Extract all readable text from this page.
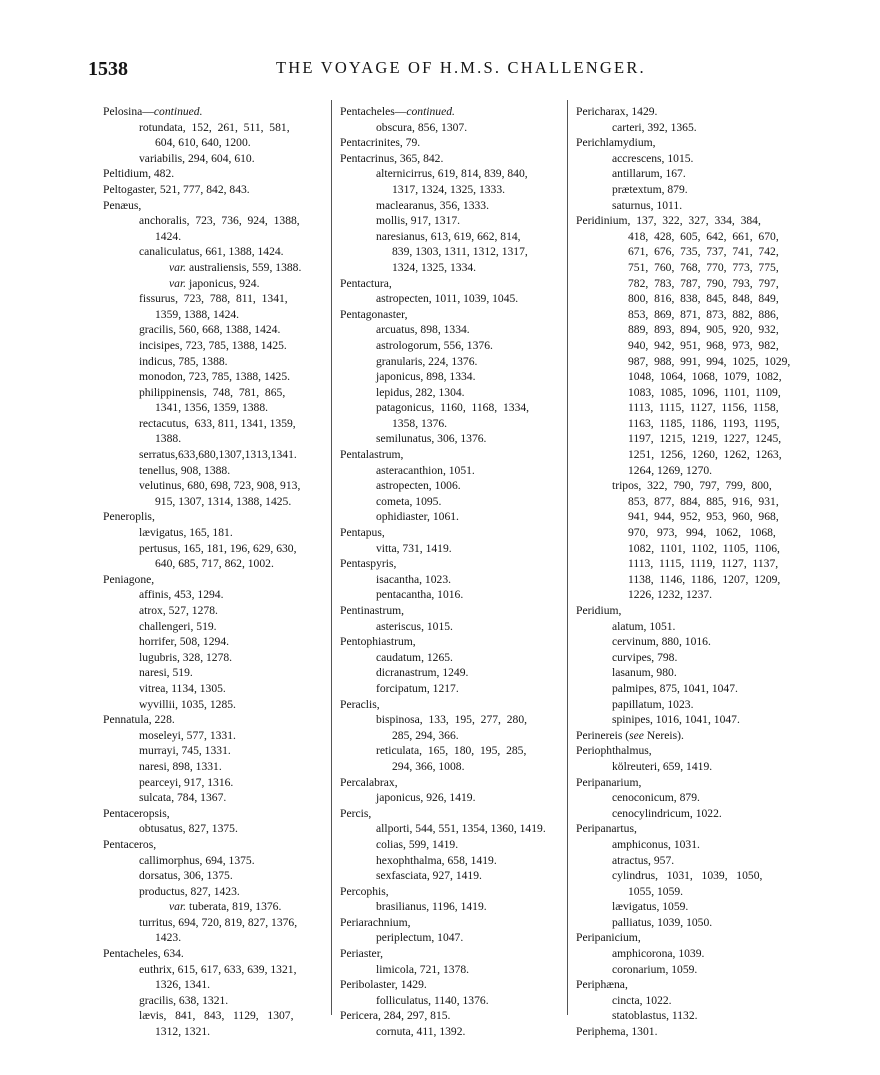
1538	THE VOYAGE OF H.M.S. CHALLENGER.
Pelosina—continued.
rotundata,  152,  261,  511,  581,
604, 610, 640, 1200.
variabilis, 294, 604, 610.
Peltidium, 482.
Peltogaster, 521, 777, 842, 843.
Penæus,
anchoralis,  723,  736,  924,  1388,
1424.
canaliculatus, 661, 1388, 1424.
var. australiensis, 559, 1388.
var. japonicus, 924.
fissurus,  723,  788,  811,  1341,
1359, 1388, 1424.
gracilis, 560, 668, 1388, 1424.
incisipes, 723, 785, 1388, 1425.
indicus, 785, 1388.
monodon, 723, 785, 1388, 1425.
philippinensis,  748,  781,  865,
1341, 1356, 1359, 1388.
rectacutus,  633, 811, 1341, 1359,
1388.
serratus,633,680,1307,1313,1341.
tenellus, 908, 1388.
velutinus, 680, 698, 723, 908, 913,
915, 1307, 1314, 1388, 1425.
Peneroplis,
lævigatus, 165, 181.
pertusus, 165, 181, 196, 629, 630,
640, 685, 717, 862, 1002.
Peniagone,
affinis, 453, 1294.
atrox, 527, 1278.
challengeri, 519.
horrifer, 508, 1294.
lugubris, 328, 1278.
naresi, 519.
vitrea, 1134, 1305.
wyvillii, 1035, 1285.
Pennatula, 228.
moseleyi, 577, 1331.
murrayi, 745, 1331.
naresi, 898, 1331.
pearceyi, 917, 1316.
sulcata, 784, 1367.
Pentaceropsis,
obtusatus, 827, 1375.
Pentaceros,
callimorphus, 694, 1375.
dorsatus, 306, 1375.
productus, 827, 1423.
var. tuberata, 819, 1376.
turritus, 694, 720, 819, 827, 1376,
1423.
Pentacheles, 634.
euthrix, 615, 617, 633, 639, 1321,
1326, 1341.
gracilis, 638, 1321.
lævis,   841,   843,   1129,   1307,
1312, 1321.
Pentacheles—continued.
obscura, 856, 1307.
Pentacrinites, 79.
Pentacrinus, 365, 842.
alternicirrus, 619, 814, 839, 840,
1317, 1324, 1325, 1333.
maclearanus, 356, 1333.
mollis, 917, 1317.
naresianus, 613, 619, 662, 814,
839, 1303, 1311, 1312, 1317,
1324, 1325, 1334.
Pentactura,
astropecten, 1011, 1039, 1045.
Pentagonaster,
arcuatus, 898, 1334.
astrologorum, 556, 1376.
granularis, 224, 1376.
japonicus, 898, 1334.
lepidus, 282, 1304.
patagonicus,  1160,  1168,  1334,
1358, 1376.
semilunatus, 306, 1376.
Pentalastrum,
asteracanthion, 1051.
astropecten, 1006.
cometa, 1095.
ophidiaster, 1061.
Pentapus,
vitta, 731, 1419.
Pentaspyris,
isacantha, 1023.
pentacantha, 1016.
Pentinastrum,
asteriscus, 1015.
Pentophiastrum,
caudatum, 1265.
dicranastrum, 1249.
forcipatum, 1217.
Peraclis,
bispinosa,  133,  195,  277,  280,
285, 294, 366.
reticulata,  165,  180,  195,  285,
294, 366, 1008.
Percalabrax,
japonicus, 926, 1419.
Percis,
allporti, 544, 551, 1354, 1360, 1419.
colias, 599, 1419.
hexophthalma, 658, 1419.
sexfasciata, 927, 1419.
Percophis,
brasilianus, 1196, 1419.
Periarachnium,
periplectum, 1047.
Periaster,
limicola, 721, 1378.
Peribolaster, 1429.
folliculatus, 1140, 1376.
Pericera, 284, 297, 815.
cornuta, 411, 1392.
Pericharax, 1429.
carteri, 392, 1365.
Perichlamydium,
accrescens, 1015.
antillarum, 167.
prætextum, 879.
saturnus, 1011.
Peridinium,  137,  322,  327,  334,  384,
418,  428,  605,  642,  661,  670,
671,  676,  735,  737,  741,  742,
751,  760,  768,  770,  773,  775,
782,  783,  787,  790,  793,  797,
800,  816,  838,  845,  848,  849,
853,  869,  871,  873,  882,  886,
889,  893,  894,  905,  920,  932,
940,  942,  951,  968,  973,  982,
987,  988,  991,  994,  1025,  1029,
1048,  1064,  1068,  1079,  1082,
1083,  1085,  1096,  1101,  1109,
1113,  1115,  1127,  1156,  1158,
1163,  1185,  1186,  1193,  1195,
1197,  1215,  1219,  1227,  1245,
1251,  1256,  1260,  1262,  1263,
1264, 1269, 1270.
tripos,  322,  790,  797,  799,  800,
853,  877,  884,  885,  916,  931,
941,  944,  952,  953,  960,  968,
970,   973,   994,   1062,   1068,
1082,  1101,  1102,  1105,  1106,
1113,  1115,  1119,  1127,  1137,
1138,  1146,  1186,  1207,  1209,
1226, 1232, 1237.
Peridium,
alatum, 1051.
cervinum, 880, 1016.
curvipes, 798.
lasanum, 980.
palmipes, 875, 1041, 1047.
papillatum, 1023.
spinipes, 1016, 1041, 1047.
Perinereis (see Nereis).
Periophthalmus,
kölreuteri, 659, 1419.
Peripanarium,
cenoconicum, 879.
cenocylindricum, 1022.
Peripanartus,
amphiconus, 1031.
atractus, 957.
cylindrus,   1031,   1039,   1050,
1055, 1059.
lævigatus, 1059.
palliatus, 1039, 1050.
Peripanicium,
amphicorona, 1039.
coronarium, 1059.
Periphæna,
cincta, 1022.
statoblastus, 1132.
Periphema, 1301.
